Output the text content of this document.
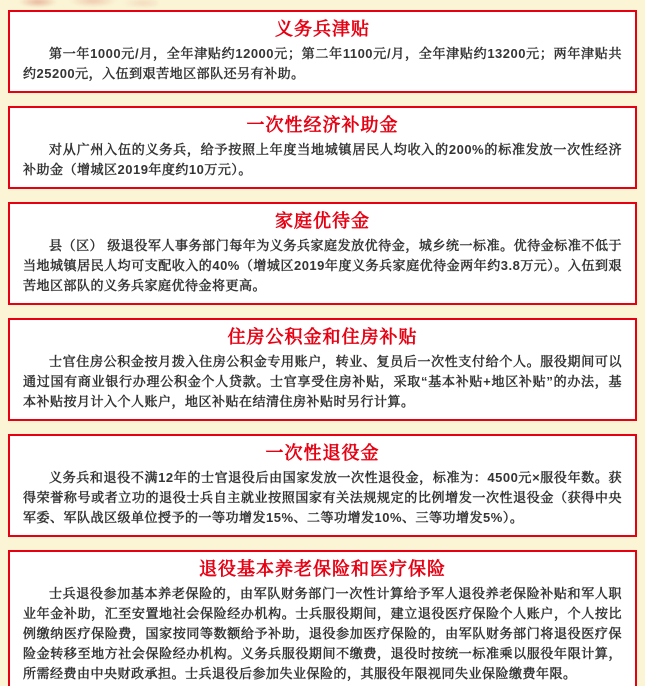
义务兵津贴
第一年1000元/月，全年津贴约12000元；第二年1100元/月，全年津贴约13200元；两年津贴共约25200元，入伍到艰苦地区部队还另有补助。
一次性经济补助金
对从广州入伍的义务兵，给予按照上年度当地城镇居民人均收入的200%的标准发放一次性经济补助金（增城区2019年度约10万元）。
家庭优待金
县（区） 级退役军人事务部门每年为义务兵家庭发放优待金，城乡统一标准。优待金标准不低于当地城镇居民人均可支配收入的40%（增城区2019年度义务兵家庭优待金两年约3.8万元）。入伍到艰苦地区部队的义务兵家庭优待金将更高。
住房公积金和住房补贴
士官住房公积金按月拨入住房公积金专用账户，转业、复员后一次性支付给个人。服役期间可以通过国有商业银行办理公积金个人贷款。士官享受住房补贴，采取“基本补贴+地区补贴”的办法，基本补贴按月计入个人账户，地区补贴在结清住房补贴时另行计算。
一次性退役金
义务兵和退役不满12年的士官退役后由国家发放一次性退役金，标准为：4500元×服役年数。获得荣誉称号或者立功的退役士兵自主就业按照国家有关法规规定的比例增发一次性退役金（获得中央军委、军队战区级单位授予的一等功增发15%、二等功增发10%、三等功增发5%）。
退役基本养老保险和医疗保险
士兵退役参加基本养老保险的，由军队财务部门一次性计算给予军人退役养老保险补贴和军人职业年金补助，汇至安置地社会保险经办机构。士兵服役期间，建立退役医疗保险个人账户，个人按比例缴纳医疗保险费，国家按同等数额给予补助，退役参加医疗保险的，由军队财务部门将退役医疗保险金转移至地方社会保险经办机构。义务兵服役期间不缴费，退役时按统一标准乘以服役年限计算，所需经费由中央财政承担。士兵退役后参加失业保险的，其服役年限视同失业保险缴费年限。
